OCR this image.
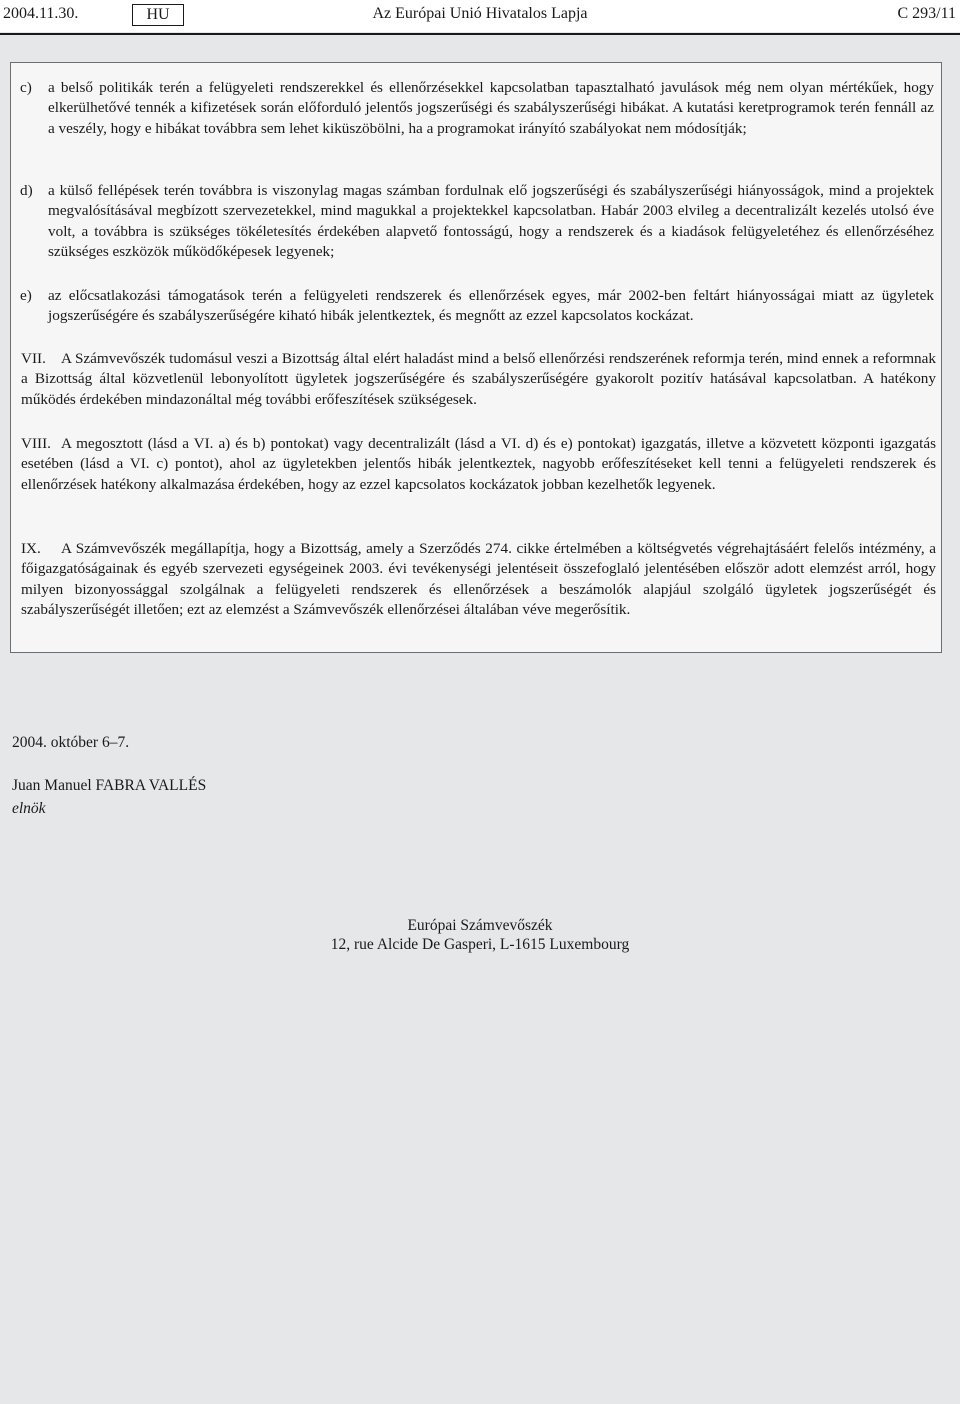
Az Európai Unió Hivatalos Lapja
2004.11.30.	HU	C 293/11
c) a belső politikák terén a felügyeleti rendszerekkel és ellenőrzésekkel kapcsolatban tapasztalható javulások még nem olyan mértékűek, hogy elkerülhetővé tennék a kifizetések során előforduló jelentős jogszerűségi és szabályszerűségi hibákat. A kutatási keretprogramok terén fennáll az a veszély, hogy e hibákat továbbra sem lehet kiküszöbölni, ha a programokat irányító szabályokat nem módosítják;
d) a külső fellépések terén továbbra is viszonylag magas számban fordulnak elő jogszerűségi és szabályszerűségi hiányosságok, mind a projektek megvalósításával megbízott szervezetekkel, mind magukkal a projektekkel kapcsolatban. Habár 2003 elvileg a decentralizált kezelés utolsó éve volt, a továbbra is szükséges tökéletesítés érdekében alapvető fontosságú, hogy a rendszerek és a kiadások felügyeletéhez és ellenőrzéséhez szükséges eszközök működőképesek legyenek;
e) az előcsatlakozási támogatások terén a felügyeleti rendszerek és ellenőrzések egyes, már 2002-ben feltárt hiányosságai miatt az ügyletek jogszerűségére és szabályszerűségére kiható hibák jelentkeztek, és megnőtt az ezzel kapcsolatos kockázat.
VII. A Számvevőszék tudomásul veszi a Bizottság által elért haladást mind a belső ellenőrzési rendszerének reformja terén, mind ennek a reformnak a Bizottság által közvetlenül lebonyolított ügyletek jogszerűségére és szabályszerűségére gyakorolt pozitív hatásával kapcsolatban. A hatékony működés érdekében mindazonáltal még további erőfeszítések szükségesek.
VIII. A megosztott (lásd a VI. a) és b) pontokat) vagy decentralizált (lásd a VI. d) és e) pontokat) igazgatás, illetve a közvetett központi igazgatás esetében (lásd a VI. c) pontot), ahol az ügyletekben jelentős hibák jelentkeztek, nagyobb erőfeszítéseket kell tenni a felügyeleti rendszerek és ellenőrzések hatékony alkalmazása érdekében, hogy az ezzel kapcsolatos kockázatok jobban kezelhetők legyenek.
IX. A Számvevőszék megállapítja, hogy a Bizottság, amely a Szerződés 274. cikke értelmében a költségvetés végrehajtásáért felelős intézmény, a főigazgatóságainak és egyéb szervezeti egységeinek 2003. évi tevékenységi jelentéseit összefoglaló jelentésében először adott elemzést arról, hogy milyen bizonyossággal szolgálnak a felügyeleti rendszerek és ellenőrzések a beszámolók alapjául szolgáló ügyletek jogszerűségét és szabályszerűségét illetően; ezt az elemzést a Számvevőszék ellenőrzései általában véve megerősítik.
2004. október 6–7.
Juan Manuel FABRA VALLÉS
elnök
Európai Számvevőszék
12, rue Alcide De Gasperi, L-1615 Luxembourg
